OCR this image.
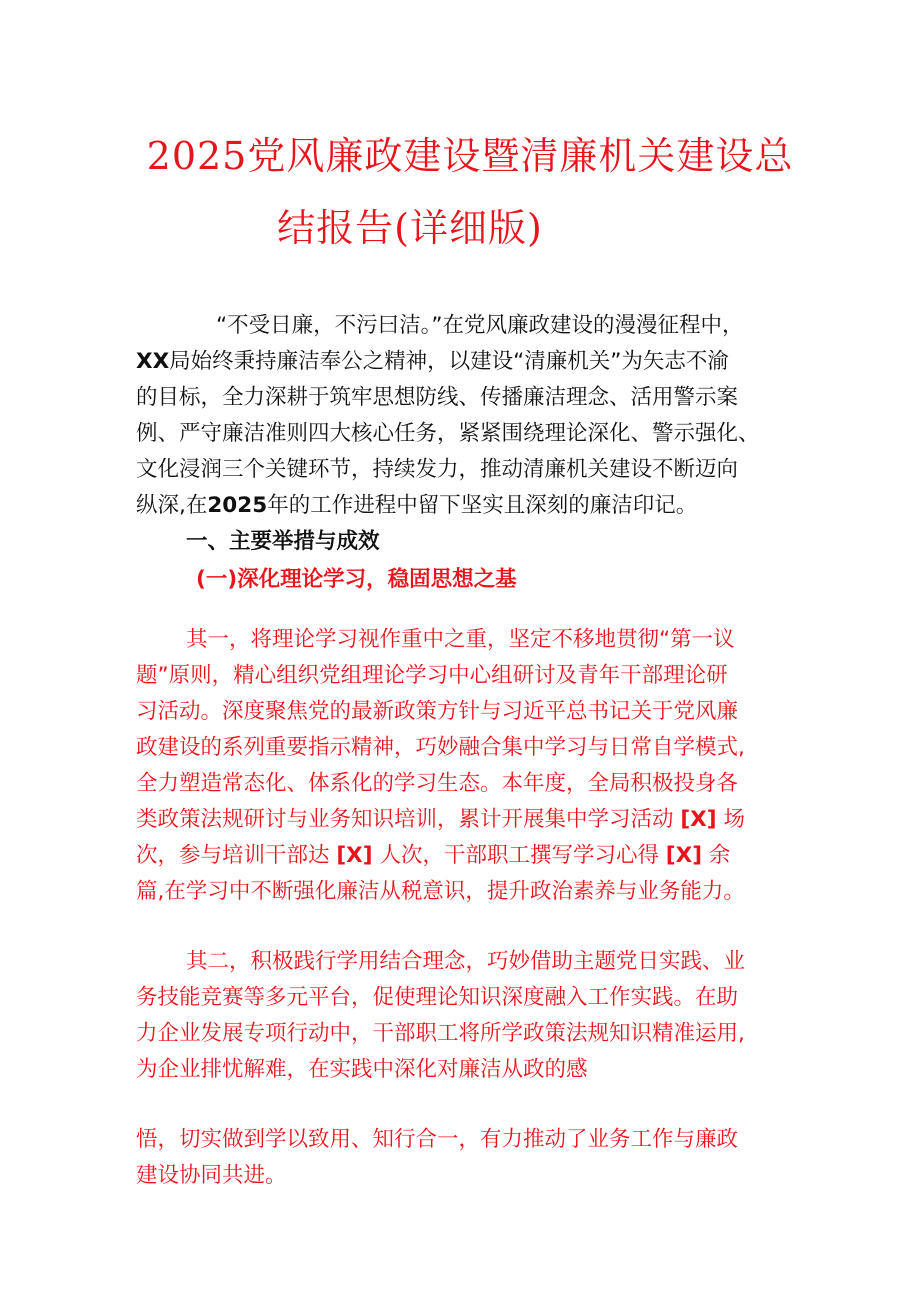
2025党风廉政建设暨清廉机关建设总
结报告(详细版)
“不受日廉，不污曰洁。”在党风廉政建设的漫漫征程中，
XX局始终秉持廉洁奉公之精神，以建设“清廉机关”为矢志不渝
的目标，全力深耕于筑牢思想防线、传播廉洁理念、活用警示案
例、严守廉洁准则四大核心任务，紧紧围绕理论深化、警示强化、
文化浸润三个关键环节，持续发力，推动清廉机关建设不断迈向
纵深,在2025年的工作进程中留下坚实且深刻的廉洁印记。
一、主要举措与成效
(一)深化理论学习，稳固思想之基
其一，将理论学习视作重中之重，坚定不移地贯彻“第一议
题”原则，精心组织党组理论学习中心组研讨及青年干部理论研
习活动。深度聚焦党的最新政策方针与习近平总书记关于党风廉
政建设的系列重要指示精神，巧妙融合集中学习与日常自学模式,
全力塑造常态化、体系化的学习生态。本年度，全局积极投身各
类政策法规研讨与业务知识培训，累计开展集中学习活动 [X] 场
次，参与培训干部达 [X] 人次，干部职工撰写学习心得 [X] 余
篇,在学习中不断强化廉洁从税意识，提升政治素养与业务能力。
其二，积极践行学用结合理念，巧妙借助主题党日实践、业
务技能竞赛等多元平台，促使理论知识深度融入工作实践。在助
力企业发展专项行动中，干部职工将所学政策法规知识精准运用,
为企业排忧解难，在实践中深化对廉洁从政的感
悟，切实做到学以致用、知行合一，有力推动了业务工作与廉政
建设协同共进。
